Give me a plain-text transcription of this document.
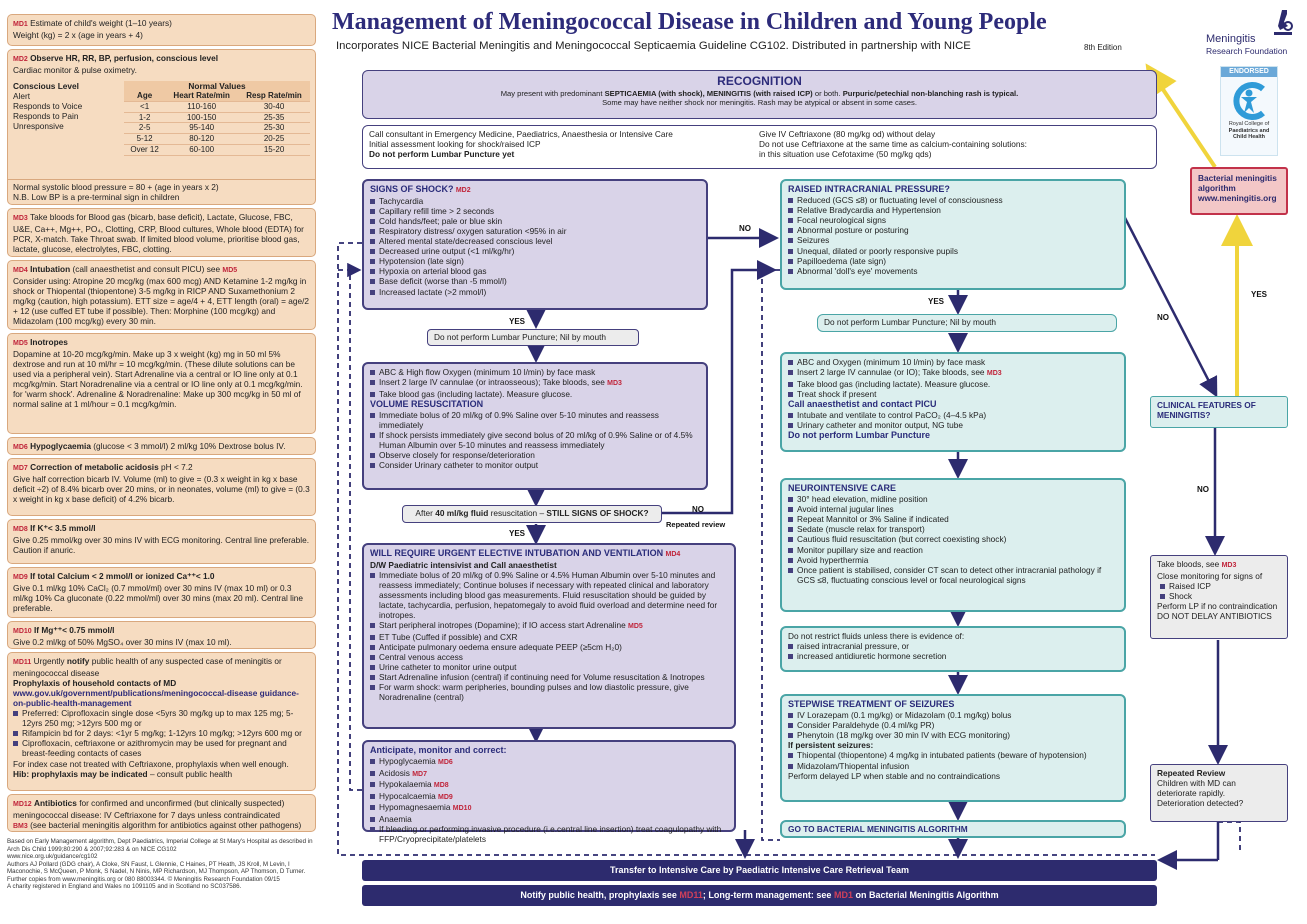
Management of Meningococcal Disease in Children and Young People
Incorporates NICE Bacterial Meningitis and Meningococcal Septicaemia Guideline CG102. Distributed in partnership with NICE	8th Edition
Meningitis
Research Foundation
ENDORSED
Royal College of
Paediatrics and
Child Health

MD1 Estimate of child's weight (1–10 years)

Weight (kg) = 2 x (age in years + 4)

MD2 Observe HR, RR, BP, perfusion, conscious level

Cardiac monitor & pulse oximetry.

Conscious Level
Alert
Responds to Voice
Responds to Pain
Unresponsive
Normal Values
Age	Heart Rate/min	Resp Rate/min
<1	110-160	30-40
1-2	100-150	25-35
2-5	95-140	25-30
5-12	80-120	20-25
Over 12	60-100	15-20

Normal systolic blood pressure = 80 + (age in years x 2)

N.B. Low BP is a pre-terminal sign in children

MD3 Take bloods for Blood gas (bicarb, base deficit), Lactate, Glucose, FBC, U&E, Ca++, Mg++, PO₄, Clotting, CRP, Blood cultures, Whole blood (EDTA) for PCR, X-match. Take Throat swab. If limited blood volume, prioritise blood gas, lactate, glucose, electrolytes, FBC, clotting.

MD4 Intubation (call anaesthetist and consult PICU) see MD5

Consider using: Atropine 20 mcg/kg (max 600 mcg) AND Ketamine 1-2 mg/kg in shock or Thiopental (thiopentone) 3-5 mg/kg in RICP AND Suxamethonium 2 mg/kg (caution, high potassium). ETT size = age/4 + 4, ETT length (oral) = age/2 + 12 (use cuffed ET tube if possible). Then: Morphine (100 mcg/kg) and Midazolam (100 mcg/kg) every 30 min.

MD5 Inotropes

Dopamine at 10-20 mcg/kg/min. Make up 3 x weight (kg) mg in 50 ml 5% dextrose and run at 10 ml/hr = 10 mcg/kg/min. (These dilute solutions can be used via a peripheral vein). Start Adrenaline via a central or IO line only at 0.1 mcg/kg/min. Start Noradrenaline via a central or IO line only at 0.1 mcg/kg/min. for 'warm shock'. Adrenaline & Noradrenaline: Make up 300 mcg/kg in 50 ml of normal saline at 1 ml/hour = 0.1 mcg/kg/min.

MD6 Hypoglycaemia (glucose < 3 mmol/l) 2 ml/kg 10% Dextrose bolus IV.

MD7 Correction of metabolic acidosis pH < 7.2

Give half correction bicarb IV. Volume (ml) to give = (0.3 x weight in kg x base deficit ÷2) of 8.4% bicarb over 20 mins, or in neonates, volume (ml) to give = (0.3 x weight in kg x base deficit) of 4.2% bicarb.

MD8 If K⁺< 3.5 mmol/l

Give 0.25 mmol/kg over 30 mins IV with ECG monitoring. Central line preferable. Caution if anuric.

MD9 If total Calcium < 2 mmol/l or ionized Ca⁺⁺< 1.0

Give 0.1 ml/kg 10% CaCl₂ (0.7 mmol/ml) over 30 mins IV (max 10 ml) or 0.3 ml/kg 10% Ca gluconate (0.22 mmol/ml) over 30 mins (max 20 ml). Central line preferable.

MD10 If Mg⁺⁺< 0.75 mmol/l

Give 0.2 ml/kg of 50% MgSO₄ over 30 mins IV (max 10 ml).

MD11 Urgently notify public health of any suspected case of meningitis or meningococcal disease

Prophylaxis of household contacts of MD

www.gov.uk/government/publications/meningococcal-disease guidance-on-public-health-management

Preferred: Ciprofloxacin single dose <5yrs 30 mg/kg up to max 125 mg; 5-12yrs 250 mg; >12yrs 500 mg or
Rifampicin bd for 2 days: <1yr 5 mg/kg; 1-12yrs 10 mg/kg; >12yrs 600 mg or
Ciprofloxacin, ceftriaxone or azithromycin may be used for pregnant and breast-feeding contacts of cases

For index case not treated with Ceftriaxone, prophylaxis when well enough.

Hib: prophylaxis may be indicated – consult public health

MD12 Antibiotics for confirmed and unconfirmed (but clinically suspected) meningococcal disease: IV Ceftriaxone for 7 days unless contraindicated

BM3 (see bacterial meningitis algorithm for antibiotics against other pathogens)

Based on Early Management algorithm, Dept Paediatrics, Imperial College at St Mary's Hospital as described in Arch Dis Child 1999;80:290 & 2007;92:283 & on NICE CG102

www.nice.org.uk/guidance/cg102

Authors AJ Pollard (GDG chair), A Cloke, SN Faust, L Glennie, C Haines, PT Heath, JS Kroll, M Levin, I Maconochie, S McQueen, P Monk, S Nadel, N Ninis, MP Richardson, MJ Thompson, AP Thomson, D Turner.

Further copies from www.meningitis.org or 080 88003344. © Meningitis Research Foundation 09/15

A charity registered in England and Wales no 1091105 and in Scotland no SC037586.

RECOGNITION
May present with predominant SEPTICAEMIA (with shock), MENINGITIS (with raised ICP) or both. Purpuric/petechial non-blanching rash is typical.
Some may have neither shock nor meningitis. Rash may be atypical or absent in some cases.
Call consultant in Emergency Medicine, Paediatrics, Anaesthesia or Intensive Care
Initial assessment looking for shock/raised ICP
Do not perform Lumbar Puncture yet
Give IV Ceftriaxone (80 mg/kg od) without delay
Do not use Ceftriaxone at the same time as calcium-containing solutions:
in this situation use Cefotaxime (50 mg/kg qds)
SIGNS OF SHOCK? MD2
Tachycardia
Capillary refill time > 2 seconds
Cold hands/feet; pale or blue skin
Respiratory distress/ oxygen saturation <95% in air
Altered mental state/decreased conscious level
Decreased urine output (<1 ml/kg/hr)
Hypotension (late sign)
Hypoxia on arterial blood gas
Base deficit (worse than -5 mmol/l)
Increased lactate (>2 mmol/l)
Do not perform Lumbar Puncture; Nil by mouth
ABC & High flow Oxygen (minimum 10 l/min) by face mask
Insert 2 large IV cannulae (or intraosseous); Take bloods, see MD3
Take blood gas (including lactate). Measure glucose.
VOLUME RESUSCITATION
Immediate bolus of 20 ml/kg of 0.9% Saline over 5-10 minutes and reassess immediately
If shock persists immediately give second bolus of 20 ml/kg of 0.9% Saline or of 4.5% Human Albumin over 5-10 minutes and reassess immediately
Observe closely for response/deterioration
Consider Urinary catheter to monitor output
After 40 ml/kg fluid resuscitation – STILL SIGNS OF SHOCK?
WILL REQUIRE URGENT ELECTIVE INTUBATION AND VENTILATION MD4
D/W Paediatric intensivist and Call anaesthetist
Immediate bolus of 20 ml/kg of 0.9% Saline or 4.5% Human Albumin over 5-10 minutes and reassess immediately; Continue boluses if necessary with repeated clinical and laboratory assessments including blood gas measurements. Fluid resuscitation should be guided by lactate, tachycardia, perfusion, hepatomegaly to avoid fluid overload and determine need for inotropes.
Start peripheral inotropes (Dopamine); if IO access start Adrenaline MD5
ET Tube (Cuffed if possible) and CXR
Anticipate pulmonary oedema ensure adequate PEEP (≥5cm H₂0)
Central venous access
Urine catheter to monitor urine output
Start Adrenaline infusion (central) if continuing need for Volume resuscitation & Inotropes
For warm shock: warm peripheries, bounding pulses and low diastolic pressure, give Noradrenaline (central)
Anticipate, monitor and correct:
Hypoglycaemia MD6
Acidosis MD7
Hypokalaemia MD8
Hypocalcaemia MD9
Hypomagnesaemia MD10
Anaemia
If bleeding or performing invasive procedure (i.e.central line insertion) treat coagulopathy with FFP/Cryoprecipitate/platelets
RAISED INTRACRANIAL PRESSURE?
Reduced (GCS ≤8) or fluctuating level of consciousness
Relative Bradycardia and Hypertension
Focal neurological signs
Abnormal posture or posturing
Seizures
Unequal, dilated or poorly responsive pupils
Papilloedema (late sign)
Abnormal 'doll's eye' movements
Do not perform Lumbar Puncture; Nil by mouth
ABC and Oxygen (minimum 10 l/min) by face mask
Insert 2 large IV cannulae (or IO); Take bloods, see MD3
Take blood gas (including lactate). Measure glucose.
Treat shock if present
Call anaesthetist and contact PICU
Intubate and ventilate to control PaCO₂ (4–4.5 kPa)
Urinary catheter and monitor output, NG tube
Do not perform Lumbar Puncture
NEUROINTENSIVE CARE
30° head elevation, midline position
Avoid internal jugular lines
Repeat Mannitol or 3% Saline if indicated
Sedate (muscle relax for transport)
Cautious fluid resuscitation (but correct coexisting shock)
Monitor pupillary size and reaction
Avoid hyperthermia
Once patient is stabilised, consider CT scan to detect other intracranial pathology if GCS ≤8, fluctuating conscious level or focal neurological signs
Do not restrict fluids unless there is evidence of:
raised intracranial pressure, or
increased antidiuretic hormone secretion
STEPWISE TREATMENT OF SEIZURES
IV Lorazepam (0.1 mg/kg) or Midazolam (0.1 mg/kg) bolus
Consider Paraldehyde (0.4 ml/kg PR)
Phenytoin (18 mg/kg over 30 min IV with ECG monitoring)
If persistent seizures:
Thiopental (thiopentone) 4 mg/kg in intubated patients (beware of hypotension)
Midazolam/Thiopental infusion
Perform delayed LP when stable and no contraindications
GO TO BACTERIAL MENINGITIS ALGORITHM
Bacterial meningitis
algorithm
www.meningitis.org
CLINICAL FEATURES OF
MENINGITIS?
Take bloods, see MD3
Close monitoring for signs of
Raised ICP
Shock
Perform LP if no contraindication
DO NOT DELAY ANTIBIOTICS
Repeated Review
Children with MD can
deteriorate rapidly.
Deterioration detected?
NO
YES
NO
Repeated review
YES
YES
NO
YES
NO
Transfer to Intensive Care by Paediatric Intensive Care Retrieval Team
Notify public health, prophylaxis see MD11; Long-term management: see MD1 on Bacterial Meningitis Algorithm
